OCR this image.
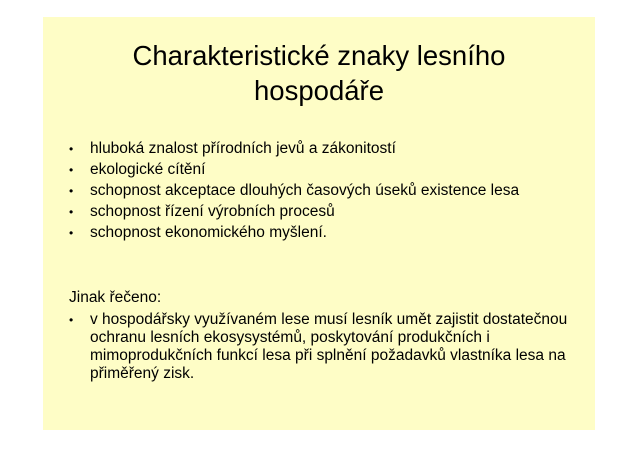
Charakteristické znaky lesního
hospodáře
• hluboká znalost přírodních jevů a zákonitostí
• ekologické cítění
• schopnost akceptace dlouhých časových úseků existence lesa
• schopnost řízení výrobních procesů
• schopnost ekonomického myšlení.

Jinak řečeno:

• v hospodářsky využívaném lese musí lesník umět zajistit dostatečnou ochranu lesních ekosysystémů, poskytování produkčních i mimoprodukčních funkcí lesa při splnění požadavků vlastníka lesa na přiměřený zisk.
